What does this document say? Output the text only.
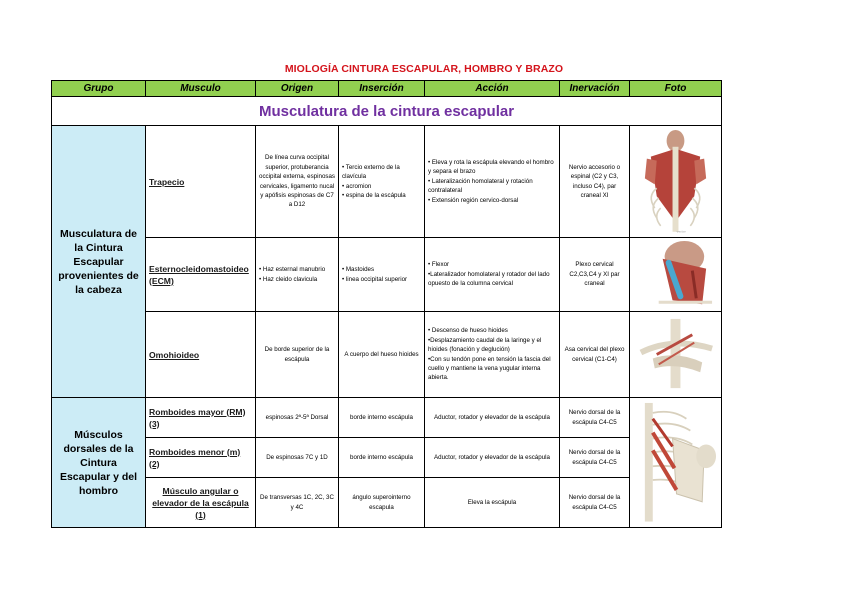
MIOLOGÍA CINTURA ESCAPULAR, HOMBRO Y BRAZO
Grupo	Musculo	Origen	Inserción	Acción	Inervación	Foto
Musculatura de la cintura escapular						
Musculatura de la Cintura Escapular provenientes de la cabeza	Trapecio	De línea curva occipital superior, protuberancia occipital externa, espinosas cervicales, ligamento nucal y apófisis espinosas de C7 a D12	• Tercio externo de la clavícula
• acromion
• espina de la escápula	• Eleva y rota la escápula elevando el hombro y separa el brazo
• Lateralización homolateral y rotación contralateral
• Extensión región cervico-dorsal	Nervio accesorio o espinal (C2 y C3, incluso C4), par craneal XI	vector

	Esternocleidomastoideo (ECM)	• Haz esternal manubrio
• Haz cleido clavicula	• Mastoides
• linea occipital superior	• Flexor
•Lateralizador homolateral y rotador del lado opuesto de la columna cervical	Plexo cervical C2,C3,C4 y XI par craneal	

	Omohioideo	De borde superior de la escápula	A cuerpo del hueso hioides	• Descenso de hueso hioides
•Desplazamiento caudal de la laringe y el hioides (fonación y deglución)
•Con su tendón pone en tensión la fascia del cuello y mantiene la vena yugular interna abierta.	Asa cervical del plexo cervical (C1-C4)	

Músculos dorsales de la Cintura Escapular y del hombro	Romboides mayor (RM) (3)	espinosas 2ª-5ª Dorsal	borde interno escápula	Aductor, rotador y elevador de la escápula	Nervio dorsal de la escápula C4-C5	

	Romboides menor (m) (2)	De espinosas 7C y 1D	borde interno escápula	Aductor, rotador y elevador de la escápula	Nervio dorsal de la escápula C4-C5	
	Músculo angular o elevador de la escápula (1)	De transversas 1C, 2C, 3C y 4C	ángulo superointerno escapula	Eleva la escápula	Nervio dorsal de la escápula C4-C5	
